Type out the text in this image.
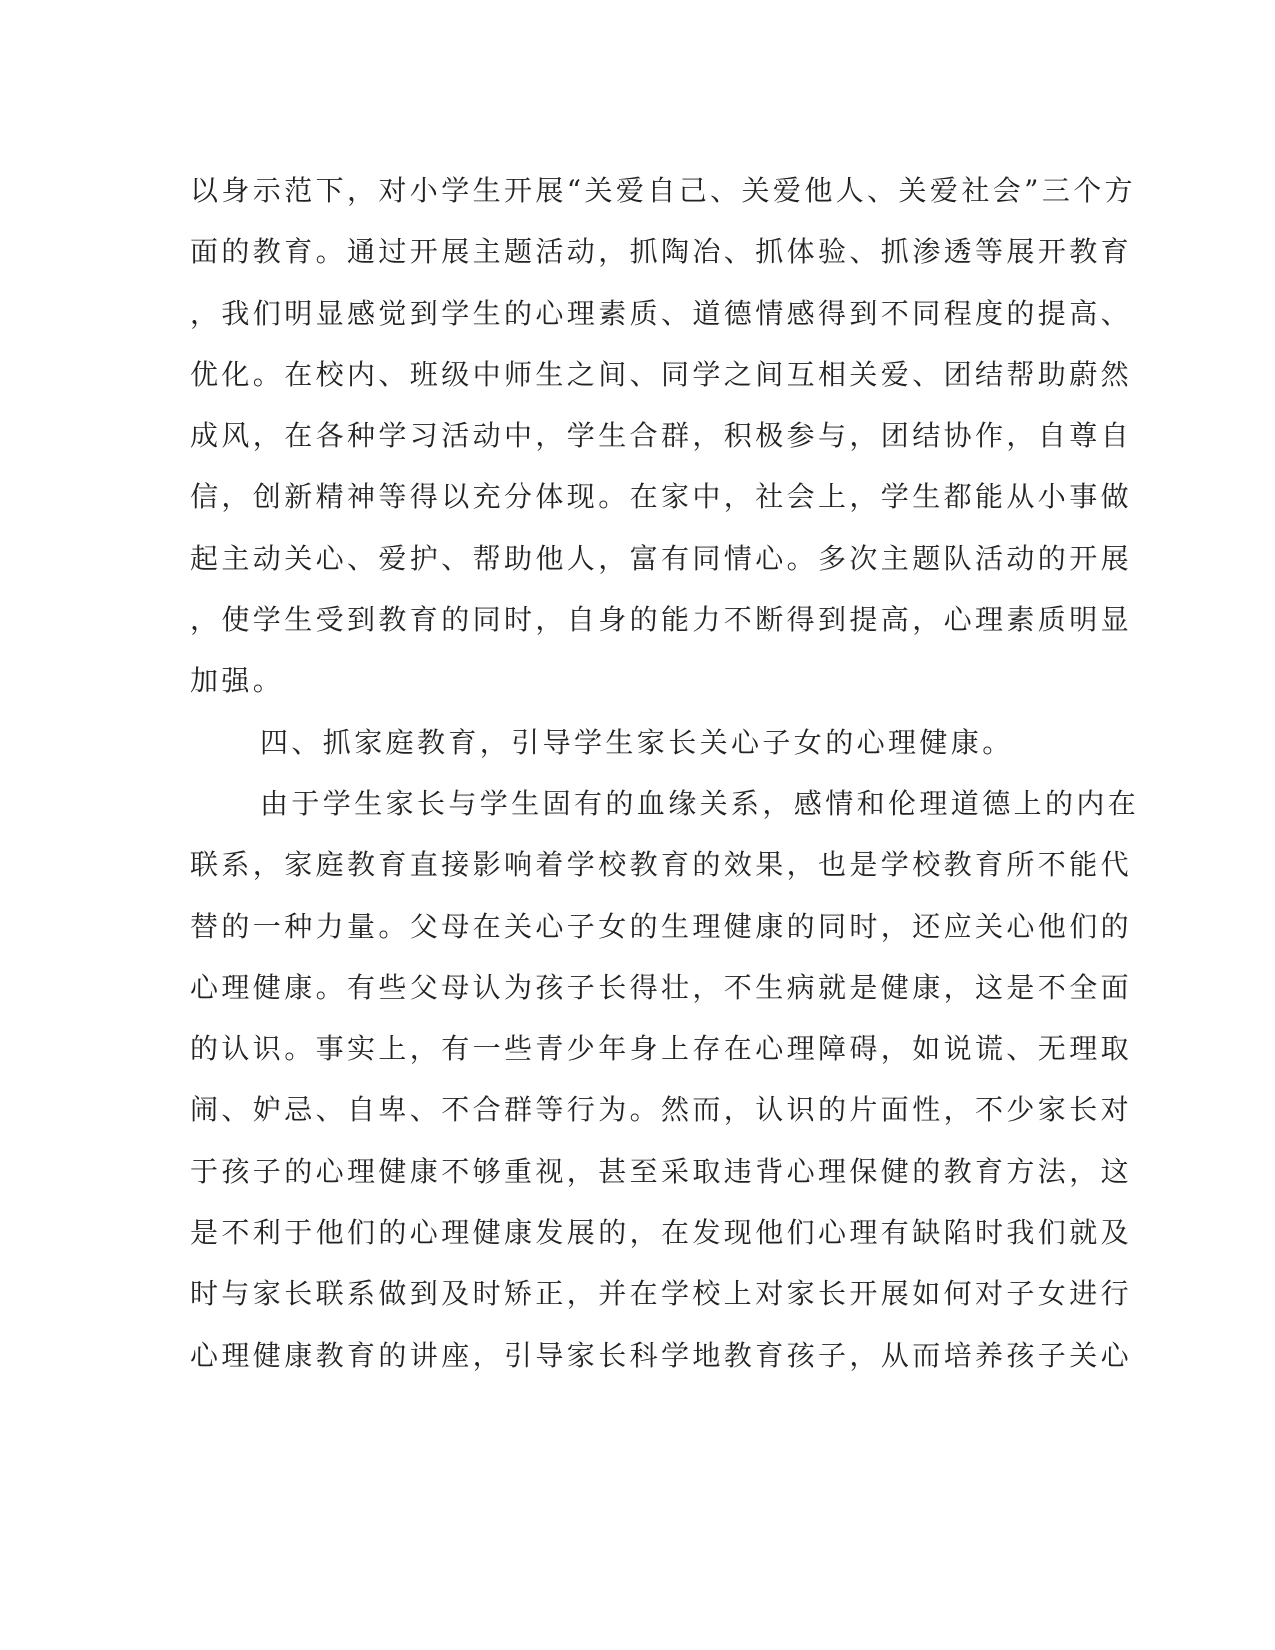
以身示范下，对小学生开展“关爱自己、关爱他人、关爱社会”三个方
面的教育。通过开展主题活动，抓陶冶、抓体验、抓渗透等展开教育
，我们明显感觉到学生的心理素质、道德情感得到不同程度的提高、
优化。在校内、班级中师生之间、同学之间互相关爱、团结帮助蔚然
成风，在各种学习活动中，学生合群，积极参与，团结协作，自尊自
信，创新精神等得以充分体现。在家中，社会上，学生都能从小事做
起主动关心、爱护、帮助他人，富有同情心。多次主题队活动的开展
，使学生受到教育的同时，自身的能力不断得到提高，心理素质明显
加强。
四、抓家庭教育，引导学生家长关心子女的心理健康。
由于学生家长与学生固有的血缘关系，感情和伦理道德上的内在
联系，家庭教育直接影响着学校教育的效果，也是学校教育所不能代
替的一种力量。父母在关心子女的生理健康的同时，还应关心他们的
心理健康。有些父母认为孩子长得壮，不生病就是健康，这是不全面
的认识。事实上，有一些青少年身上存在心理障碍，如说谎、无理取
闹、妒忌、自卑、不合群等行为。然而，认识的片面性，不少家长对
于孩子的心理健康不够重视，甚至采取违背心理保健的教育方法，这
是不利于他们的心理健康发展的，在发现他们心理有缺陷时我们就及
时与家长联系做到及时矫正，并在学校上对家长开展如何对子女进行
心理健康教育的讲座，引导家长科学地教育孩子，从而培养孩子关心
